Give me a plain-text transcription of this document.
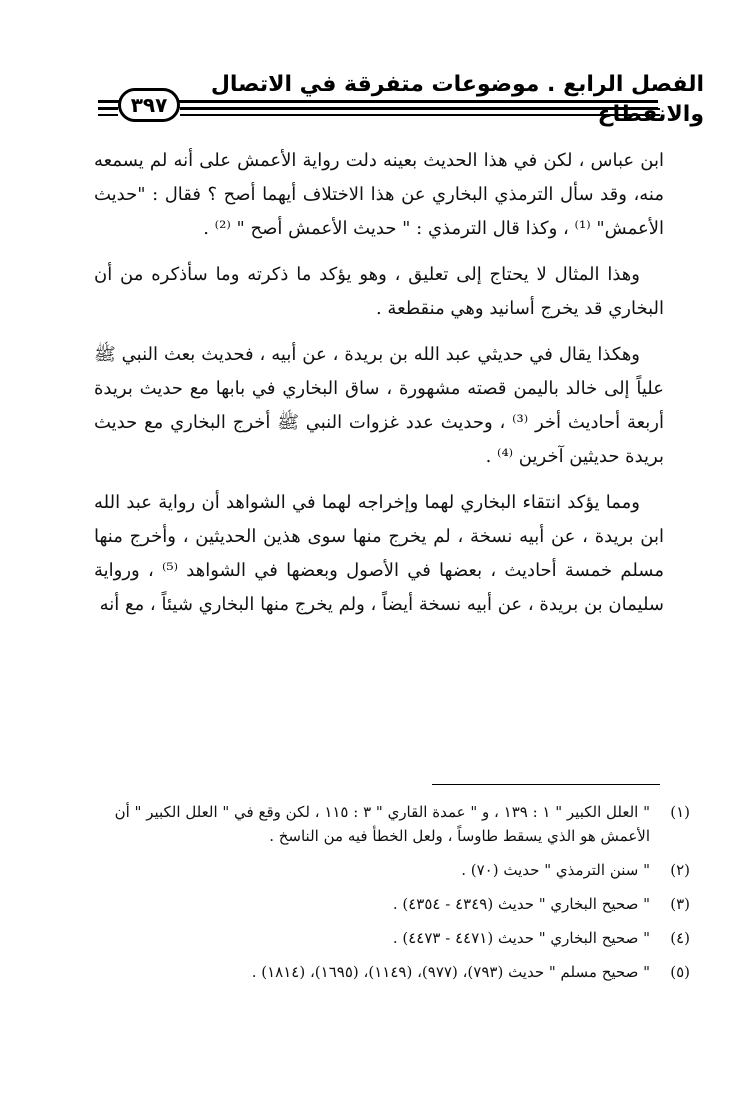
الفصل الرابع . موضوعات متفرقة في الاتصال والانقطاع
٣٩٧

ابن عباس ، لكن في هذا الحديث بعينه دلت رواية الأعمش على أنه لم يسمعه منه، وقد سأل الترمذي البخاري عن هذا الاختلاف أيهما أصح ؟ فقال : "حديث الأعمش" ⁽¹⁾ ، وكذا قال الترمذي : " حديث الأعمش أصح " ⁽²⁾ .

وهذا المثال لا يحتاج إلى تعليق ، وهو يؤكد ما ذكرته وما سأذكره من أن البخاري قد يخرج أسانيد وهي منقطعة .

وهكذا يقال في حديثي عبد الله بن بريدة ، عن أبيه ، فحديث بعث النبي ﷺ علياً إلى خالد باليمن قصته مشهورة ، ساق البخاري في بابها مع حديث بريدة أربعة أحاديث أخر ⁽³⁾ ، وحديث عدد غزوات النبي ﷺ أخرج البخاري مع حديث بريدة حديثين آخرين ⁽⁴⁾ .

ومما يؤكد انتقاء البخاري لهما وإخراجه لهما في الشواهد أن رواية عبد الله ابن بريدة ، عن أبيه نسخة ، لم يخرج منها سوى هذين الحديثين ، وأخرج منها مسلم خمسة أحاديث ، بعضها في الأصول وبعضها في الشواهد ⁽⁵⁾ ، ورواية سليمان بن بريدة ، عن أبيه نسخة أيضاً ، ولم يخرج منها البخاري شيئاً ، مع أنه

(١)
" العلل الكبير " ١ : ١٣٩ ، و " عمدة القاري " ٣ : ١١٥ ، لكن وقع في " العلل الكبير " أن الأعمش هو الذي يسقط طاوساً ، ولعل الخطأ فيه من الناسخ .
(٢)
" سنن الترمذي " حديث (٧٠) .
(٣)
" صحيح البخاري " حديث (٤٣٤٩ - ٤٣٥٤) .
(٤)
" صحيح البخاري " حديث (٤٤٧١ - ٤٤٧٣) .
(٥)
" صحيح مسلم " حديث (٧٩٣)، (٩٧٧)، (١١٤٩)، (١٦٩٥)، (١٨١٤) .
